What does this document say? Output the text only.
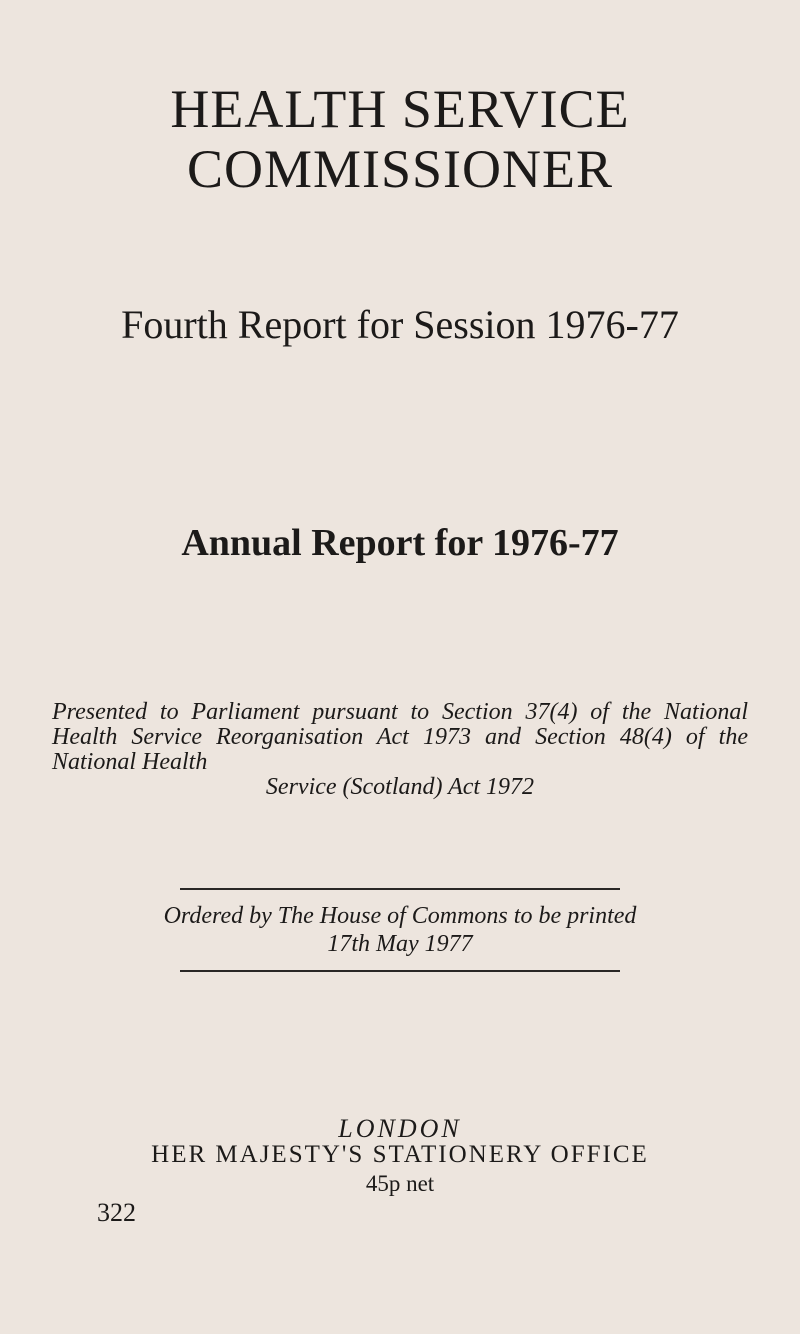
HEALTH SERVICE
COMMISSIONER
Fourth Report for Session 1976-77
Annual Report for 1976-77

Presented to Parliament pursuant to Section 37(4) of the National Health Service Reorganisation Act 1973 and Section 48(4) of the National Health
Service (Scotland) Act 1972

Ordered by The House of Commons to be printed
17th May 1977

LONDON

HER MAJESTY'S STATIONERY OFFICE

45p net

322
